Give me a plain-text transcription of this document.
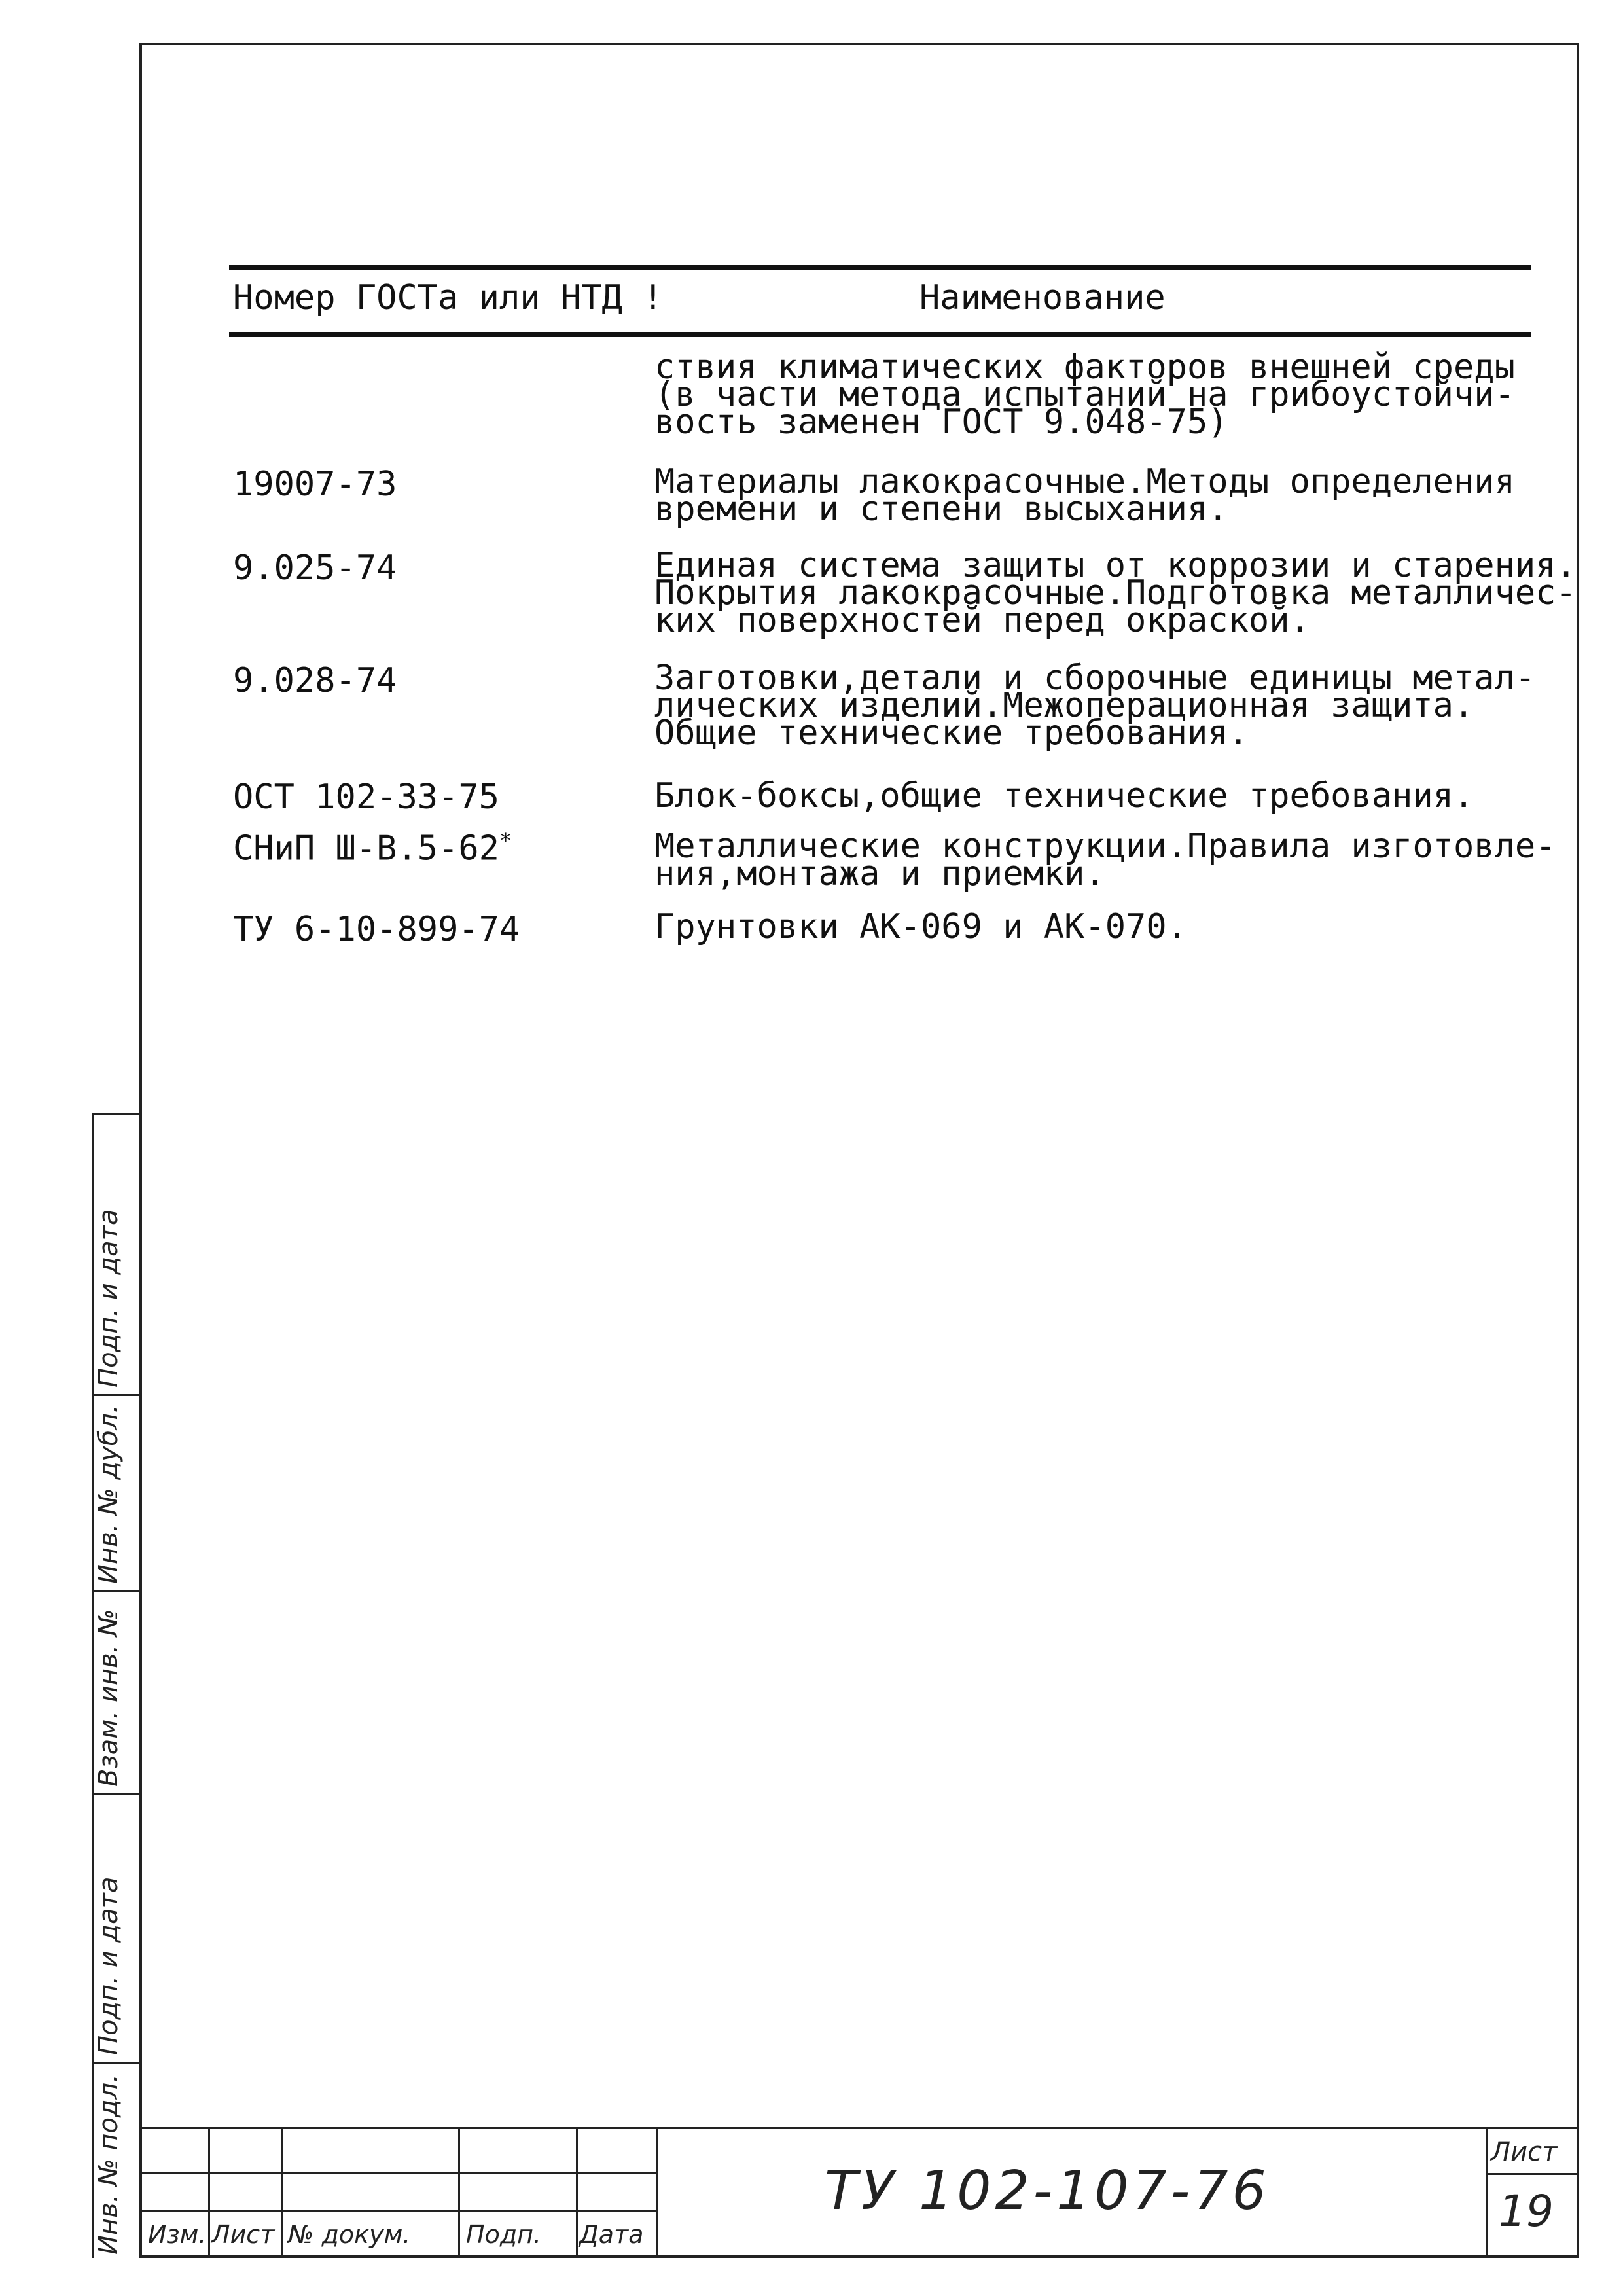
Инв. № подл.
Подп. и дата
Взам. инв. №
Инв. № дубл.
Подп. и дата
Номер ГОСТа или НТД !	Наименование
ствия климатических факторов внешней среды
(в части метода испытаний на грибоустойчи-
вость заменен ГОСТ 9.048-75)
19007-73	Материалы лакокрасочные.Методы определения
времени и степени высыхания.
9.025-74	Единая система защиты от коррозии и старения.
Покрытия лакокрасочные.Подготовка металличес-
ких поверхностей перед окраской.
9.028-74	Заготовки,детали и сборочные единицы метал-
лических изделий.Межоперационная защита.
Общие технические требования.
ОСТ 102-33-75	Блок-боксы,общие технические требования.
СНиП Ш-В.5-62*	Металлические конструкции.Правила изготовле-
ния,монтажа и приемки.
ТУ 6-10-899-74	Грунтовки АК-069 и АК-070.
Изм. Лист № докум. Подп. Дата
ТУ 102-107-76
Лист
19
